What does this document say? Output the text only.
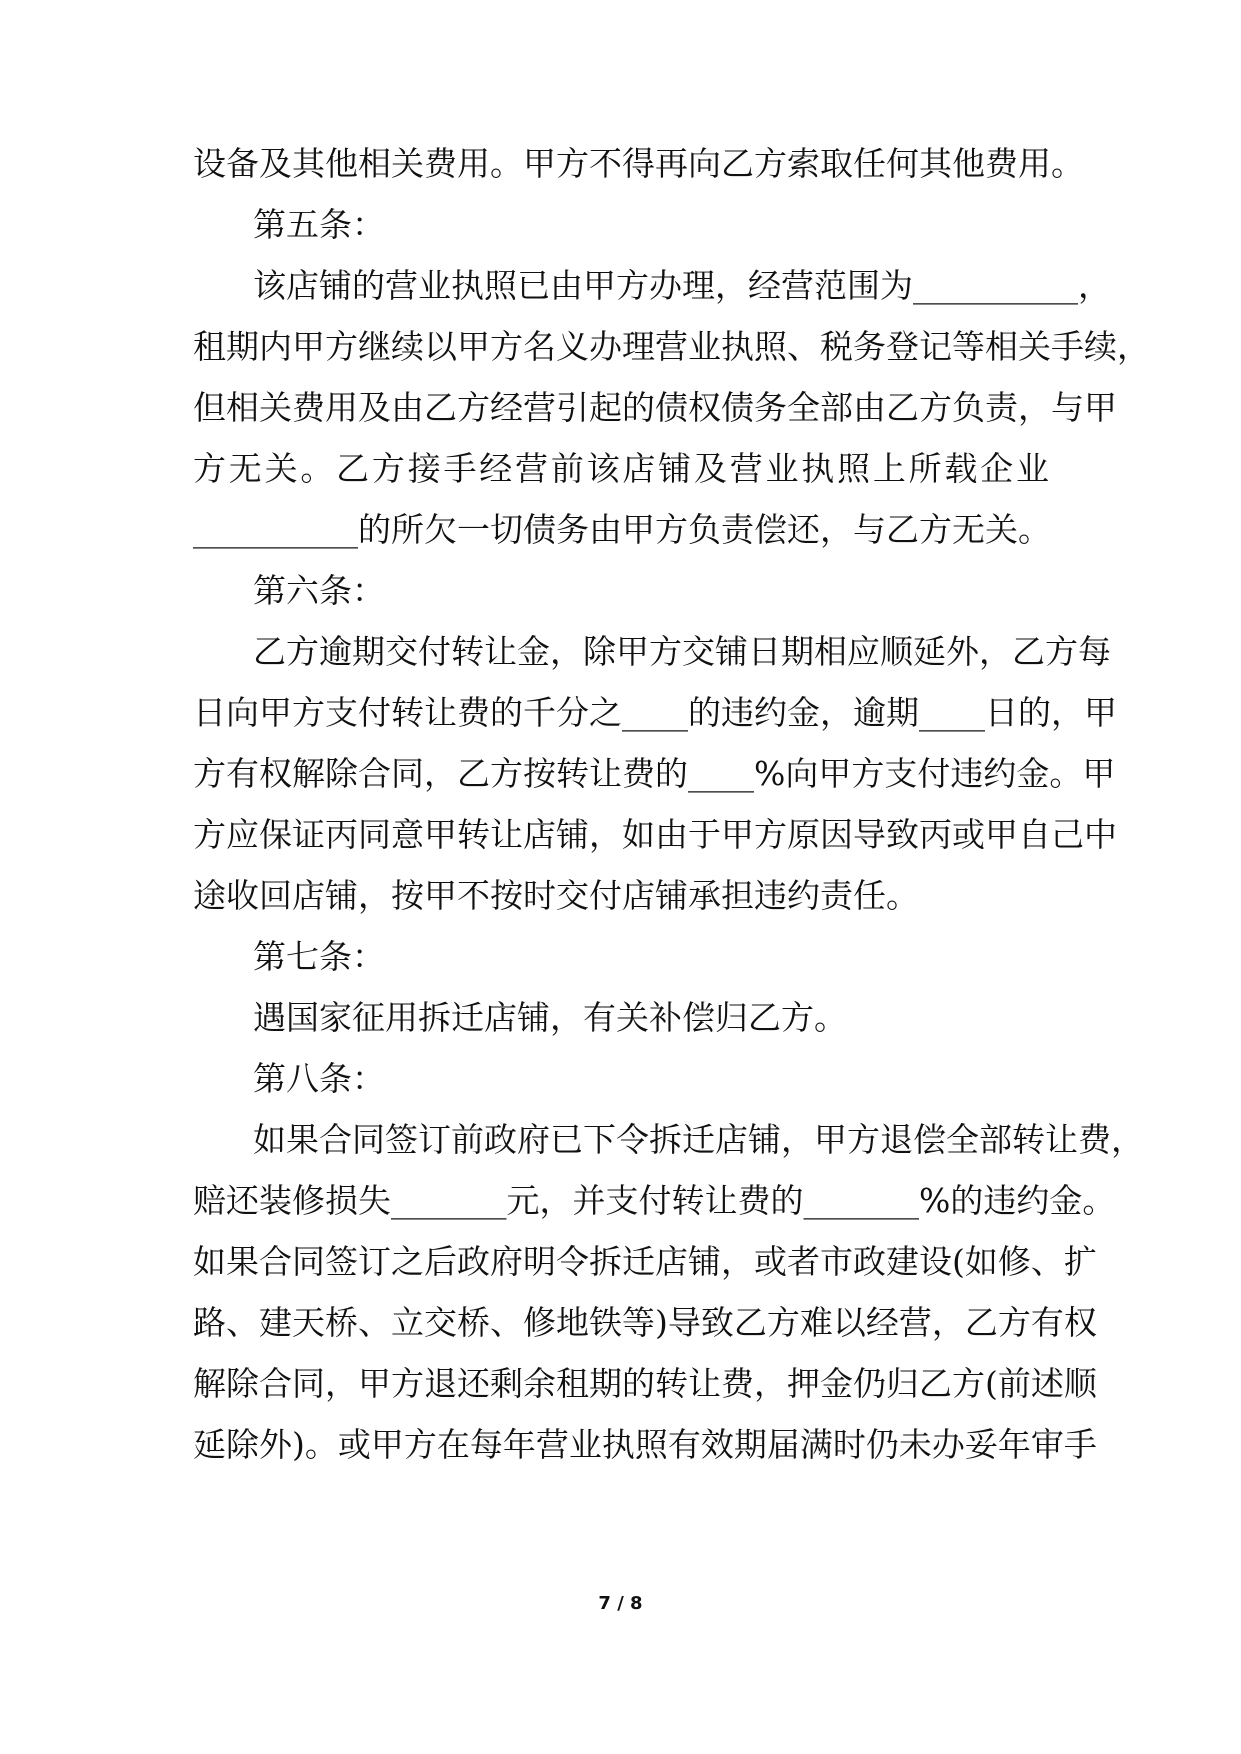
设备及其他相关费用。甲方不得再向乙方索取任何其他费用。
第五条：
该店铺的营业执照已由甲方办理，经营范围为__________，
租期内甲方继续以甲方名义办理营业执照、税务登记等相关手续，
但相关费用及由乙方经营引起的债权债务全部由乙方负责，与甲
方无关。乙方接手经营前该店铺及营业执照上所载企业
__________的所欠一切债务由甲方负责偿还，与乙方无关。
第六条：
乙方逾期交付转让金，除甲方交铺日期相应顺延外，乙方每
日向甲方支付转让费的千分之____的违约金，逾期____日的，甲
方有权解除合同，乙方按转让费的____%向甲方支付违约金。甲
方应保证丙同意甲转让店铺，如由于甲方原因导致丙或甲自己中
途收回店铺，按甲不按时交付店铺承担违约责任。
第七条：
遇国家征用拆迁店铺，有关补偿归乙方。
第八条：
如果合同签订前政府已下令拆迁店铺，甲方退偿全部转让费，
赔还装修损失_______元，并支付转让费的_______%的违约金。
如果合同签订之后政府明令拆迁店铺，或者市政建设(如修、扩
路、建天桥、立交桥、修地铁等)导致乙方难以经营，乙方有权
解除合同，甲方退还剩余租期的转让费，押金仍归乙方(前述顺
延除外)。或甲方在每年营业执照有效期届满时仍未办妥年审手
7 / 8
